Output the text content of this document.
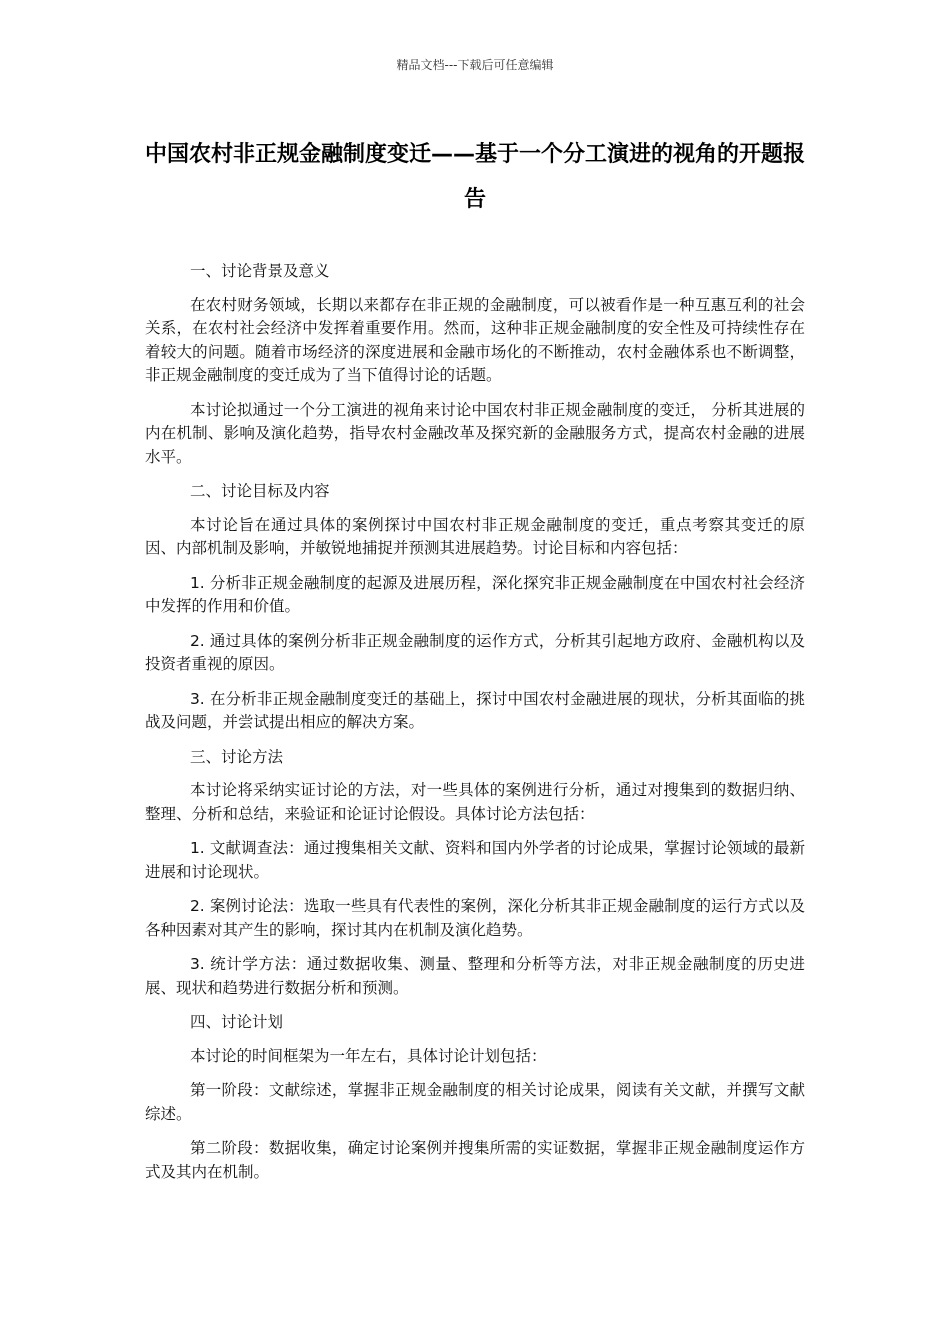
精品文档---下载后可任意编辑
中国农村非正规金融制度变迁——基于一个分工演进的视角的开题报告

一、讨论背景及意义

在农村财务领域，长期以来都存在非正规的金融制度，可以被看作是一种互惠互利的社会关系，在农村社会经济中发挥着重要作用。然而，这种非正规金融制度的安全性及可持续性存在着较大的问题。随着市场经济的深度进展和金融市场化的不断推动，农村金融体系也不断调整，非正规金融制度的变迁成为了当下值得讨论的话题。

本讨论拟通过一个分工演进的视角来讨论中国农村非正规金融制度的变迁， 分析其进展的内在机制、影响及演化趋势，指导农村金融改革及探究新的金融服务方式，提高农村金融的进展水平。

二、讨论目标及内容

本讨论旨在通过具体的案例探讨中国农村非正规金融制度的变迁，重点考察其变迁的原因、内部机制及影响，并敏锐地捕捉并预测其进展趋势。讨论目标和内容包括：

1. 分析非正规金融制度的起源及进展历程，深化探究非正规金融制度在中国农村社会经济中发挥的作用和价值。

2. 通过具体的案例分析非正规金融制度的运作方式，分析其引起地方政府、金融机构以及投资者重视的原因。

3. 在分析非正规金融制度变迁的基础上，探讨中国农村金融进展的现状，分析其面临的挑战及问题，并尝试提出相应的解决方案。

三、讨论方法

本讨论将采纳实证讨论的方法，对一些具体的案例进行分析，通过对搜集到的数据归纳、整理、分析和总结，来验证和论证讨论假设。具体讨论方法包括：

1. 文献调查法：通过搜集相关文献、资料和国内外学者的讨论成果，掌握讨论领域的最新进展和讨论现状。

2. 案例讨论法：选取一些具有代表性的案例，深化分析其非正规金融制度的运行方式以及各种因素对其产生的影响，探讨其内在机制及演化趋势。

3. 统计学方法：通过数据收集、测量、整理和分析等方法，对非正规金融制度的历史进展、现状和趋势进行数据分析和预测。

四、讨论计划

本讨论的时间框架为一年左右，具体讨论计划包括：

第一阶段：文献综述，掌握非正规金融制度的相关讨论成果，阅读有关文献，并撰写文献综述。

第二阶段：数据收集，确定讨论案例并搜集所需的实证数据，掌握非正规金融制度运作方式及其内在机制。
